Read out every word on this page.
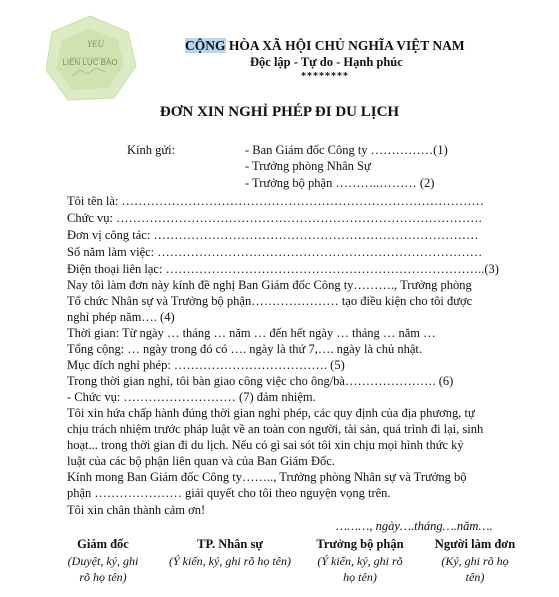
YEU
LIÊN LỤC BÁO
CỘNG HÒA XÃ HỘI CHỦ NGHĨA VIỆT NAM
Độc lập - Tự do - Hạnh phúc
********
ĐƠN XIN NGHỈ PHÉP ĐI DU LỊCH
Kính gửi:	- Ban Giám đốc Công ty ……………(1)
- Trưởng phòng Nhân Sự
- Trưởng bộ phận ………..……… (2)
Tôi tên là: ……………………………………………………………………………
Chức vụ: …………………………………………………………………………….
Đơn vị công tác: ……………………………………………………………………
Số năm làm việc: ……………………………………………………………………
Điện thoại liên lạc: …………………………………………………………………..(3)
Nay tôi làm đơn này kính đề nghị Ban Giám đốc Công ty………., Trưởng phòng
Tổ chức Nhân sự và Trưởng bộ phận………………… tạo điều kiện cho tôi được
nghỉ phép năm…. (4)
Thời gian: Từ ngày … tháng … năm … đến hết ngày … tháng … năm …
Tổng cộng: … ngày trong đó có …. ngày là thứ 7,…. ngày là chủ nhật.
Mục đích nghỉ phép: ………………………………. (5)
Trong thời gian nghỉ, tôi bàn giao công việc cho ông/bà…………………. (6)
- Chức vụ: ……………………… (7) đảm nhiệm.
Tôi xin hứa chấp hành đúng thời gian nghỉ phép, các quy định của địa phương, tự
chịu trách nhiệm trước pháp luật về an toàn con người, tài sản, quá trình đi lại, sinh
hoạt... trong thời gian đi du lịch. Nếu có gì sai sót tôi xin chịu mọi hình thức kỷ
luật của các bộ phận liên quan và của Ban Giám Đốc.
Kính mong Ban Giám đốc Công ty…….., Trưởng phòng Nhân sự và Trưởng bộ
phận ………………… giải quyết cho tôi theo nguyện vọng trên.
Tôi xin chân thành cảm ơn!
………, ngày….tháng….năm….
Giám đốc
(Duyệt, ký, ghi
rõ họ tên)
TP. Nhân sự
(Ý kiến, ký, ghi rõ họ tên)
Trưởng bộ phận
(Ý kiến, ký, ghi rõ
họ tên)
Người làm đơn
(Ký, ghi rõ họ
tên)
